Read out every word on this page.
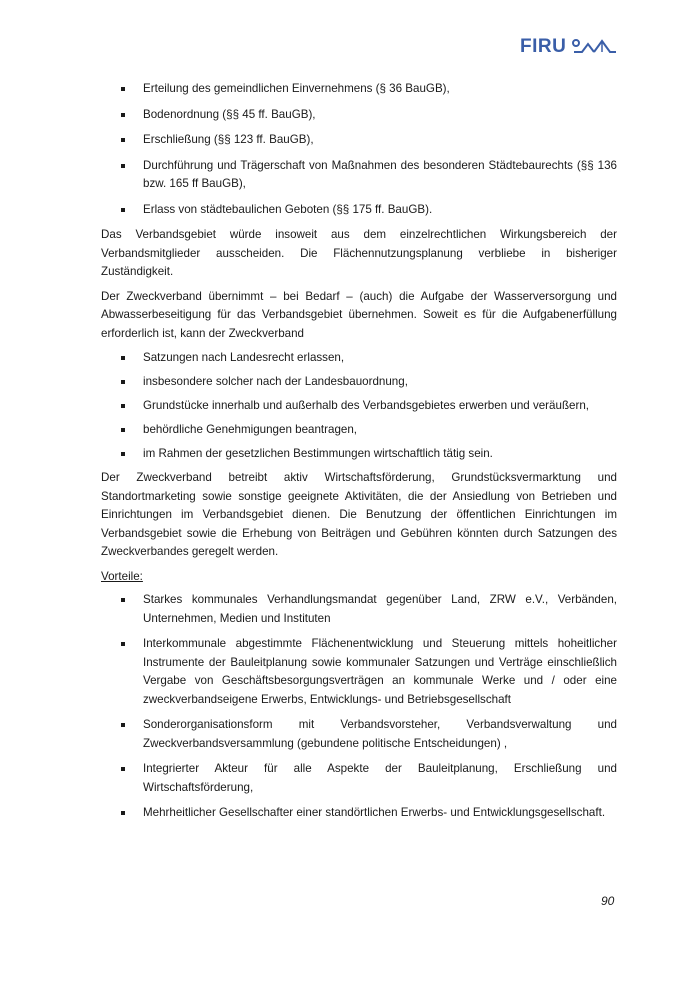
FIRU
Erteilung des gemeindlichen Einvernehmens (§ 36 BauGB),
Bodenordnung (§§ 45 ff. BauGB),
Erschließung (§§ 123 ff. BauGB),
Durchführung und Trägerschaft von Maßnahmen des besonderen Städtebaurechts (§§ 136 bzw. 165 ff BauGB),
Erlass von städtebaulichen Geboten (§§ 175 ff. BauGB).

Das Verbandsgebiet würde insoweit aus dem einzelrechtlichen Wirkungsbereich der Verbandsmitglieder ausscheiden. Die Flächennutzungsplanung verbliebe in bisheriger Zuständigkeit.

Der Zweckverband übernimmt – bei Bedarf – (auch) die Aufgabe der Wasserversorgung und Abwasserbeseitigung für das Verbandsgebiet übernehmen. Soweit es für die Aufgabenerfüllung erforderlich ist, kann der Zweckverband

Satzungen nach Landesrecht erlassen,
insbesondere solcher nach der Landesbauordnung,
Grundstücke innerhalb und außerhalb des Verbandsgebietes erwerben und veräußern,
behördliche Genehmigungen beantragen,
im Rahmen der gesetzlichen Bestimmungen wirtschaftlich tätig sein.

Der Zweckverband betreibt aktiv Wirtschaftsförderung, Grundstücksvermarktung und Standortmarketing sowie sonstige geeignete Aktivitäten, die der Ansiedlung von Betrieben und Einrichtungen im Verbandsgebiet dienen. Die Benutzung der öffentlichen Einrichtungen im Verbandsgebiet sowie die Erhebung von Beiträgen und Gebühren könnten durch Satzungen des Zweckverbandes geregelt werden.

Vorteile:

Starkes kommunales Verhandlungsmandat gegenüber Land, ZRW e.V., Verbänden, Unternehmen, Medien und Instituten
Interkommunale abgestimmte Flächenentwicklung und Steuerung mittels hoheitlicher Instrumente der Bauleitplanung sowie kommunaler Satzungen und Verträge einschließlich Vergabe von Geschäftsbesorgungsverträgen an kommunale Werke und / oder eine zweckverbandseigene Erwerbs, Entwicklungs- und Betriebsgesellschaft
Sonderorganisationsform mit Verbandsvorsteher, Verbandsverwaltung und Zweckverbandsversammlung (gebundene politische Entscheidungen) ,
Integrierter Akteur für alle Aspekte der Bauleitplanung, Erschließung und Wirtschaftsförderung,
Mehrheitlicher Gesellschafter einer standörtlichen Erwerbs- und Entwicklungsgesellschaft.
90
